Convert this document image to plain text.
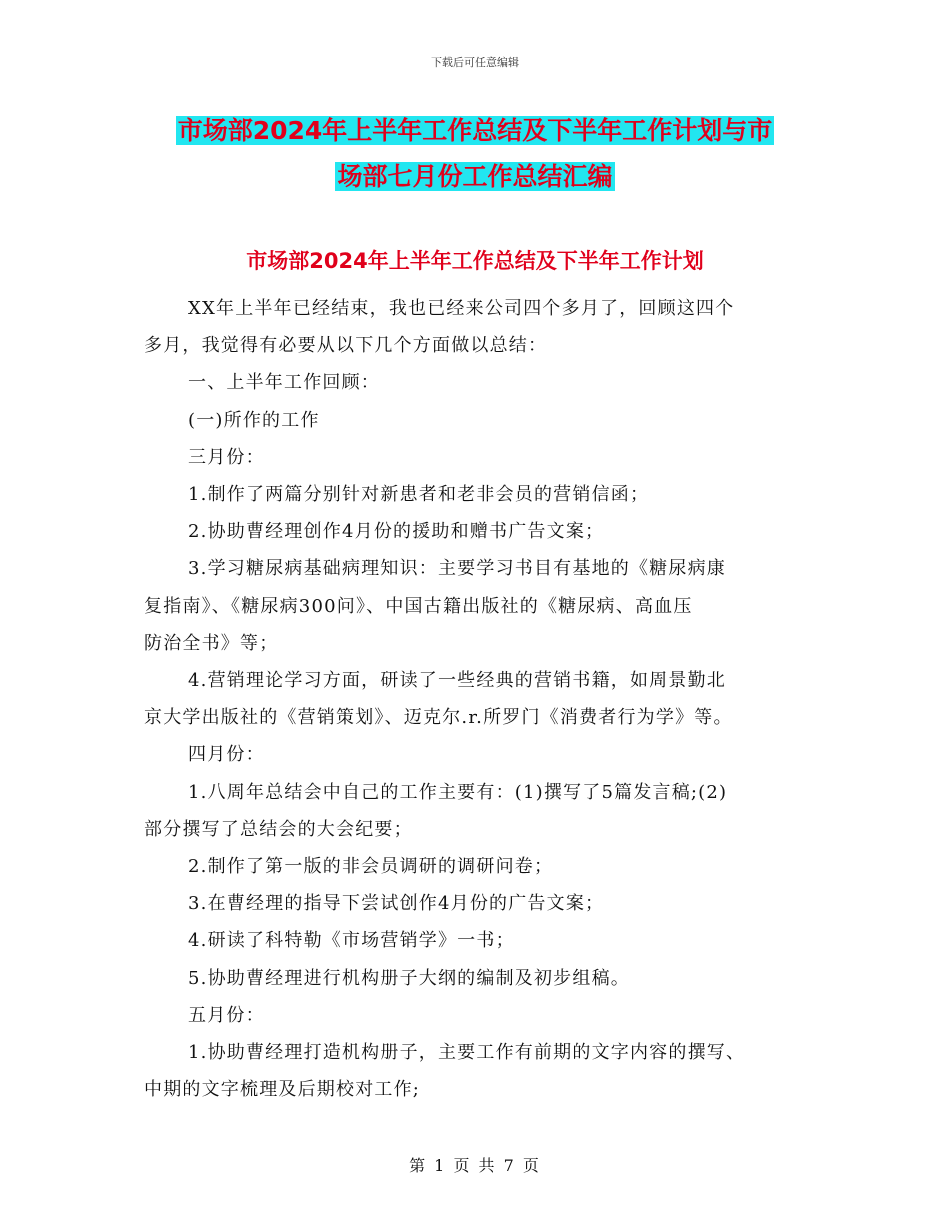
下载后可任意编辑
市场部2024年上半年工作总结及下半年工作计划与市
场部七月份工作总结汇编
市场部2024年上半年工作总结及下半年工作计划

XX年上半年已经结束，我也已经来公司四个多月了，回顾这四个

多月，我觉得有必要从以下几个方面做以总结：

一、上半年工作回顾：

(一)所作的工作

三月份：

1.制作了两篇分别针对新患者和老非会员的营销信函；

2.协助曹经理创作4月份的援助和赠书广告文案；

3.学习糖尿病基础病理知识：主要学习书目有基地的《糖尿病康

复指南》、《糖尿病300问》、中国古籍出版社的《糖尿病、高血压

防治全书》等；

4.营销理论学习方面，研读了一些经典的营销书籍，如周景勤北

京大学出版社的《营销策划》、迈克尔.r.所罗门《消费者行为学》等。

四月份：

1.八周年总结会中自己的工作主要有：(1)撰写了5篇发言稿;(2)

部分撰写了总结会的大会纪要；

2.制作了第一版的非会员调研的调研问卷；

3.在曹经理的指导下尝试创作4月份的广告文案；

4.研读了科特勒《市场营销学》一书；

5.协助曹经理进行机构册子大纲的编制及初步组稿。

五月份：

1.协助曹经理打造机构册子，主要工作有前期的文字内容的撰写、

中期的文字梳理及后期校对工作;

第 1 页 共 7 页
